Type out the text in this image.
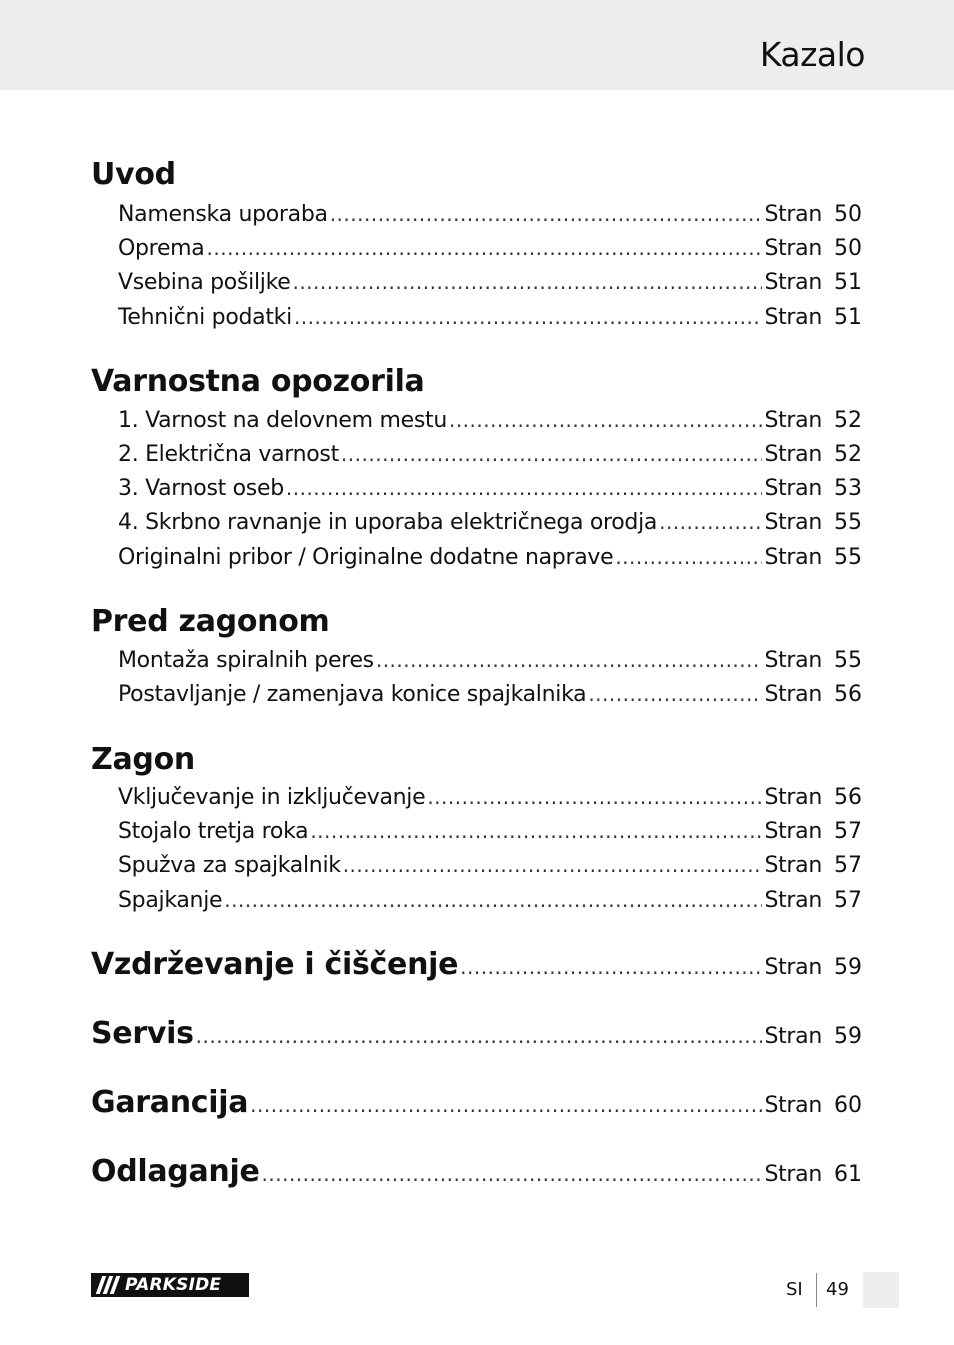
Kazalo
Uvod
Namenska uporaba .....	Stran 50
Oprema .....	Stran 50
Vsebina pošiljke .....	Stran 51
Tehnični podatki .....	Stran 51
Varnostna opozorila
1. Varnost na delovnem mestu .....	Stran 52
2. Električna varnost .....	Stran 52
3. Varnost oseb .....	Stran 53
4. Skrbno ravnanje in uporaba električnega orodja .....	Stran 55
Originalni pribor / Originalne dodatne naprave .....	Stran 55
Pred zagonom
Montaža spiralnih peres .....	Stran 55
Postavljanje / zamenjava konice spajkalnika .....	Stran 56
Zagon
Vključevanje in izključevanje .....	Stran 56
Stojalo tretja roka .....	Stran 57
Spužva za spajkalnik .....	Stran 57
Spajkanje .....	Stran 57
Vzdrževanje i čiščenje .....	Stran 59
Servis .....	Stran 59
Garancija .....	Stran 60
Odlaganje .....	Stran 61
PARKSIDE	SI 49
